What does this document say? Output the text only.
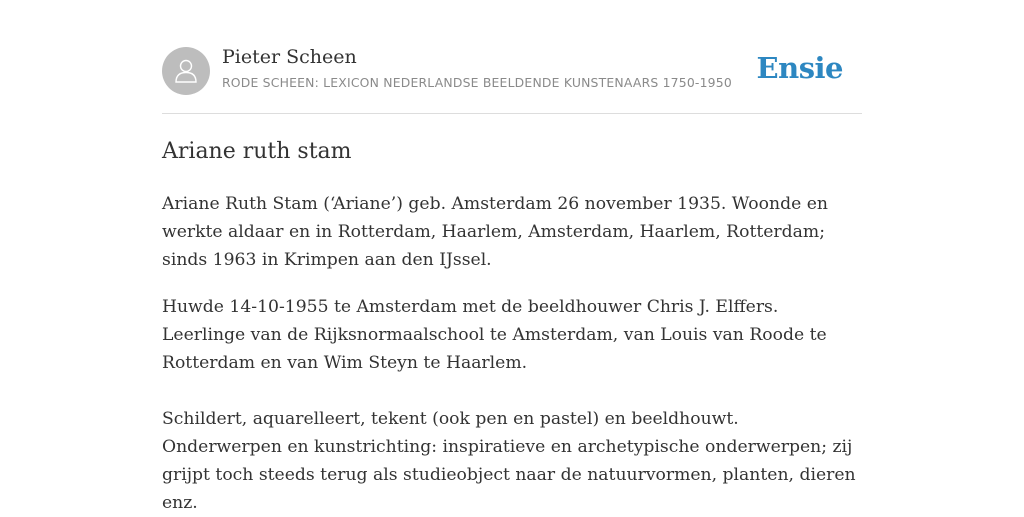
Pieter Scheen
RODE SCHEEN: LEXICON NEDERLANDSE BEELDENDE KUNSTENAARS 1750-1950 Ensie
Ariane ruth stam

Ariane Ruth Stam (‘Ariane’) geb. Amsterdam 26 november 1935. Woonde en werkte aldaar en in Rotterdam, Haarlem, Amsterdam, Haarlem, Rotterdam; sinds 1963 in Krimpen aan den IJssel.

Huwde 14-10-1955 te Amsterdam met de beeldhouwer Chris J. Elffers. Leerlinge van de Rijksnormaalschool te Amsterdam, van Louis van Roode te Rotterdam en van Wim Steyn te Haarlem.

Schildert, aquarelleert, tekent (ook pen en pastel) en beeldhouwt. Onderwerpen en kunstrichting: inspiratieve en archetypische onderwerpen; zij grijpt toch steeds terug als studieobject naar de natuurvormen, planten, dieren enz.
